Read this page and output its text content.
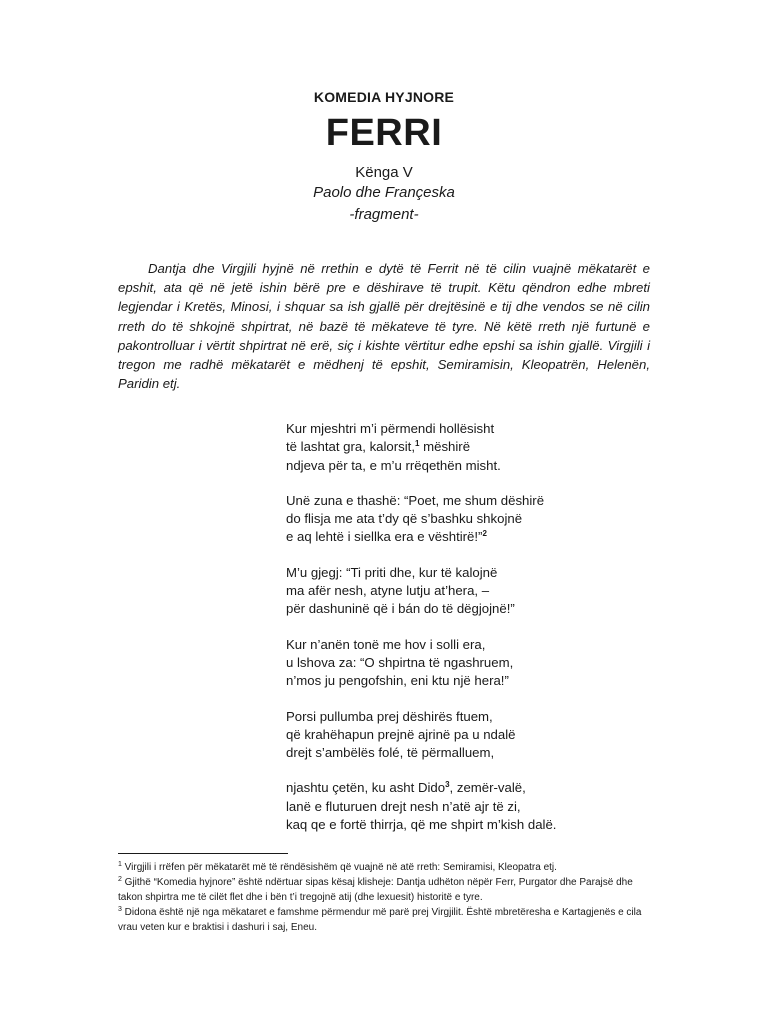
KOMEDIA HYJNORE
FERRI
Kënga V
Paolo dhe Françeska
-fragment-

Dantja dhe Virgjili hyjnë në rrethin e dytë të Ferrit në të cilin vuajnë mëkatarët e epshit, ata që në jetë ishin bërë pre e dëshirave të trupit. Këtu qëndron edhe mbreti legjendar i Kretës, Minosi, i shquar sa ish gjallë për drejtësinë e tij dhe vendos se në cilin rreth do të shkojnë shpirtrat, në bazë të mëkateve të tyre. Në këtë rreth një furtunë e pakontrolluar i vërtit shpirtrat në erë, siç i kishte vërtitur edhe epshi sa ishin gjallë. Virgjili i tregon me radhë mëkatarët e mëdhenj të epshit, Semiramisin, Kleopatrën, Helenën, Paridin etj.

Kur mjeshtri m’i përmendi hollësisht
të lashtat gra, kalorsit,$^1$ mëshirë
ndjeva për ta, e m’u rrëqethën misht.
Unë zuna e thashë: “Poet, me shum dëshirë
do flisja me ata t’dy që s’bashku shkojnë
e aq lehtë i siellka era e vështirë!”$^2$
M’u gjegj: “Ti priti dhe, kur të kalojnë
ma afër nesh, atyne lutju at’hera, –
për dashuninë që i bán do të dëgjojnë!”
Kur n’anën tonë me hov i solli era,
u lshova za: “O shpirtna të ngashruem,
n’mos ju pengofshin, eni ktu një hera!”
Porsi pullumba prej dëshirës ftuem,
që krahëhapun prejnë ajrinë pa u ndalë
drejt s’ambëlës folé, të përmalluem,
njashtu çetën, ku asht Dido$^3$, zemër-valë,
lanë e fluturuen drejt nesh n’atë ajr të zi,
kaq qe e fortë thirrja, që me shpirt m’kish dalë.

$^1$ Virgjili i rrëfen për mëkatarët më të rëndësishëm që vuajnë në atë rreth: Semiramisi, Kleopatra etj.

$^2$ Gjithë “Komedia hyjnore” është ndërtuar sipas kësaj klisheje: Dantja udhëton nëpër Ferr, Purgator dhe Parajsë dhe takon shpirtra me të cilët flet dhe i bën t’i tregojnë atij (dhe lexuesit) historitë e tyre.

$^3$ Didona është një nga mëkataret e famshme përmendur më parë prej Virgjilit. Është mbretëresha e Kartagjenës e cila vrau veten kur e braktisi i dashuri i saj, Eneu.
